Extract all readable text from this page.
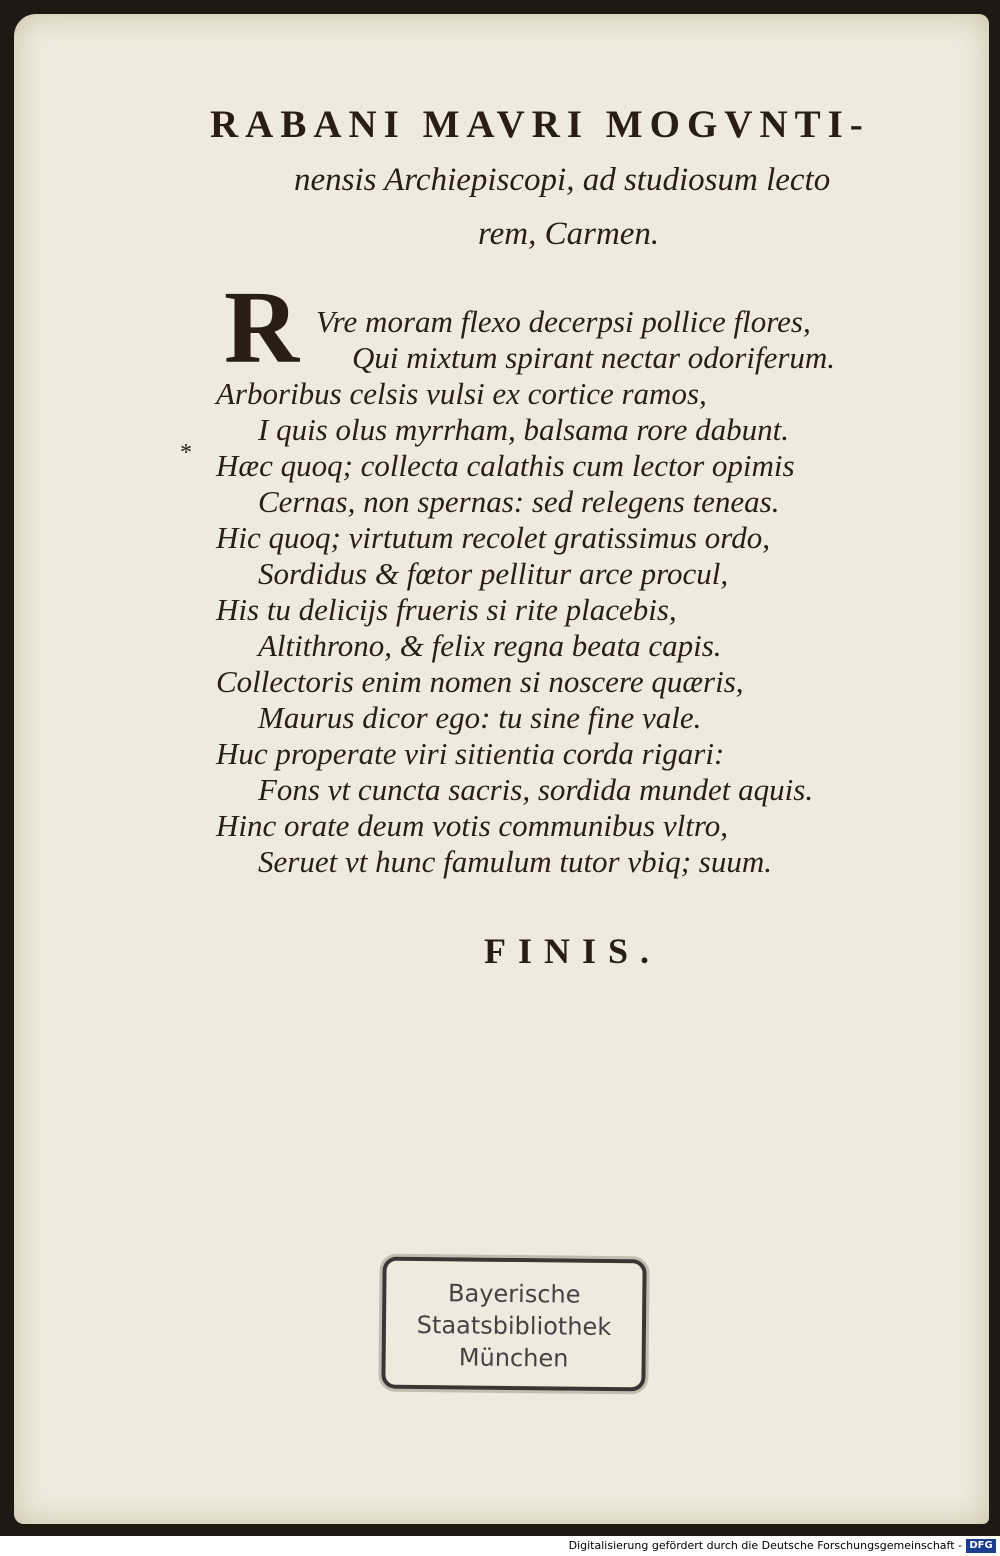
RABANI MAVRI MOGVNTI-
nensis Archiepiscopi, ad studiosum lecto
rem, Carmen.
*
R Vre moram flexo decerpsi pollice flores,
Qui mixtum spirant nectar odoriferum.
Arboribus celsis vulsi ex cortice ramos,
I quis olus myrrham, balsama rore dabunt.
Hæc quoq; collecta calathis cum lector opimis
Cernas, non spernas: sed relegens teneas.
Hic quoq; virtutum recolet gratissimus ordo,
Sordidus & fœtor pellitur arce procul,
His tu delicijs frueris si rite placebis,
Altithrono, & felix regna beata capis.
Collectoris enim nomen si noscere quæris,
Maurus dicor ego: tu sine fine vale.
Huc properate viri sitientia corda rigari:
Fons vt cuncta sacris, sordida mundet aquis.
Hinc orate deum votis communibus vltro,
Seruet vt hunc famulum tutor vbiq; suum.
FINIS.
Bayerische
Staatsbibliothek
München
Digitalisierung gefördert durch die Deutsche Forschungsgemeinschaft - DFG
